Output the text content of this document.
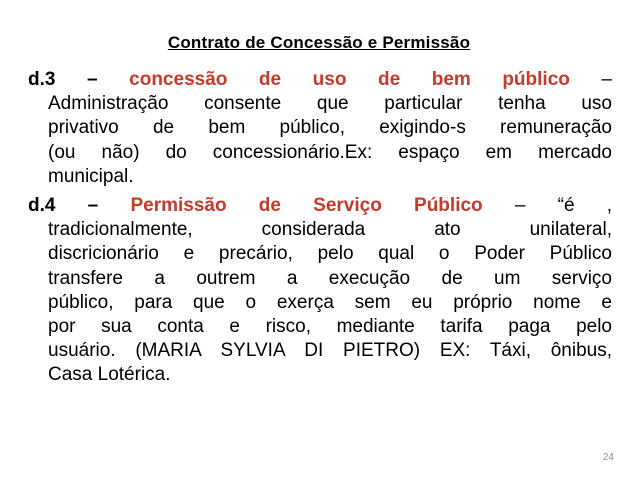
Contrato de Concessão e Permissão
d.3 – concessão de uso de bem público –
Administração consente que particular tenha uso
privativo de bem público, exigindo-s remuneração
(ou não) do concessionário.Ex: espaço em mercado
municipal.
d.4 – Permissão de Serviço Público – “é ,
tradicionalmente, considerada ato unilateral,
discricionário e precário, pelo qual o Poder Público
transfere a outrem a execução de um serviço
público, para que o exerça sem eu próprio nome e
por sua conta e risco, mediante tarifa paga pelo
usuário. (MARIA SYLVIA DI PIETRO) EX: Táxi, ônibus,
Casa Lotérica.
24
